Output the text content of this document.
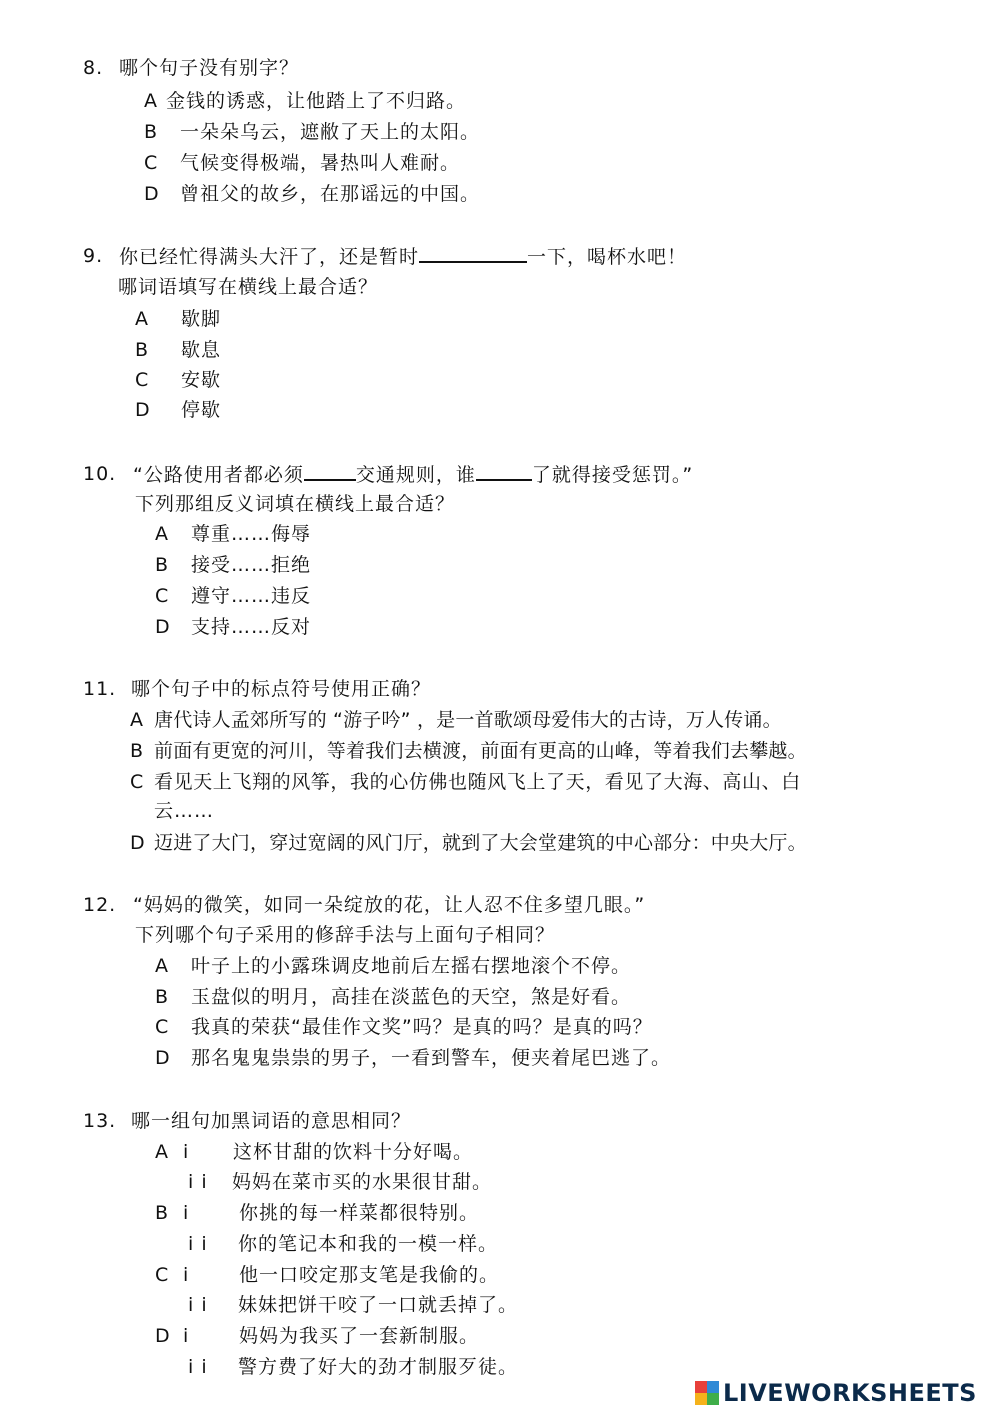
8. 哪个句子没有别字？
A 金钱的诱惑，让他踏上了不归路。
B 一朵朵乌云，遮敝了天上的太阳。
C 气候变得极端，暑热叫人难耐。
D 曾祖父的故乡，在那谣远的中国。
9. 你已经忙得满头大汗了，还是暂时	一下，喝杯水吧！
哪词语填写在横线上最合适？
A 歇脚
B 歇息
C 安歇
D 停歇
10. “公路使用者都必须	交通规则，谁	了就得接受惩罚。”
下列那组反义词填在横线上最合适？
A 尊重……侮辱
B 接受……拒绝
C 遵守……违反
D 支持……反对
11. 哪个句子中的标点符号使用正确？
A 唐代诗人孟郊所写的 “游子吟” ，是一首歌颂母爱伟大的古诗，万人传诵。
B 前面有更宽的河川，等着我们去横渡，前面有更高的山峰，等着我们去攀越。
C 看见天上飞翔的风筝，我的心仿佛也随风飞上了天，看见了大海、高山、白
云……
D 迈进了大门，穿过宽阔的风门厅，就到了大会堂建筑的中心部分：中央大厅。
12. “妈妈的微笑，如同一朵绽放的花，让人忍不住多望几眼。”
下列哪个句子采用的修辞手法与上面句子相同？
A 叶子上的小露珠调皮地前后左摇右摆地滚个不停。
B 玉盘似的明月，高挂在淡蓝色的天空，煞是好看。
C 我真的荣获“最佳作文奖”吗？是真的吗？是真的吗？
D 那名鬼鬼祟祟的男子，一看到警车，便夹着尾巴逃了。
13. 哪一组句加黑词语的意思相同？
A i 这杯甘甜的饮料十分好喝。
i i 妈妈在菜市买的水果很甘甜。
B i	你挑的每一样菜都很特别。
i i 你的笔记本和我的一模一样。
C i	他一口咬定那支笔是我偷的。
i i 妹妹把饼干咬了一口就丢掉了。
D i	妈妈为我买了一套新制服。
i i 警方费了好大的劲才制服歹徒。
LIVEWORKSHEETS
